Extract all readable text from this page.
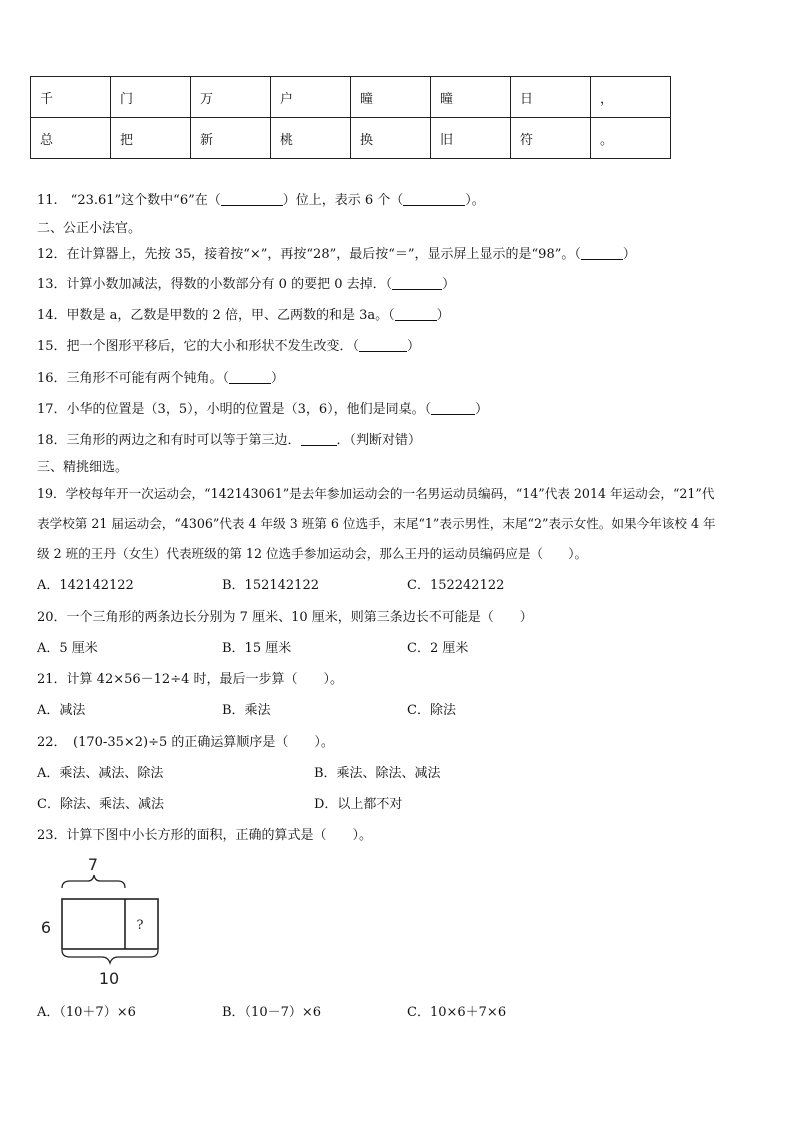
千	门	万	户	曈	曈	日	，
总	把	新	桃	换	旧	符	。
11.　“23.61”这个数中“6”在（	）位上，表示 6 个（	）。
二、公正小法官。
12．在计算器上，先按 35，接着按“×”，再按“28”，最后按“＝”，显示屏上显示的是“98”。（	）
13．计算小数加减法，得数的小数部分有 0 的要把 0 去掉．（	）
14．甲数是 a，乙数是甲数的 2 倍，甲、乙两数的和是 3a。（	）
15．把一个图形平移后，它的大小和形状不发生改变．（	）
16．三角形不可能有两个钝角。（	）
17．小华的位置是（3，5），小明的位置是（3，6），他们是同桌。（	）
18．三角形的两边之和有时可以等于第三边．	．（判断对错）
三、精挑细选。
19．学校每年开一次运动会，“142143061”是去年参加运动会的一名男运动员编码，“14”代表 2014 年运动会，“21”代
表学校第 21 届运动会，“4306”代表 4 年级 3 班第 6 位选手，末尾“1”表示男性，末尾“2”表示女性。如果今年该校 4 年
级 2 班的王丹（女生）代表班级的第 12 位选手参加运动会，那么王丹的运动员编码应是（　　）。
A．142142122	B．152142122	C．152242122
20．一个三角形的两条边长分别为 7 厘米、10 厘米，则第三条边长不可能是（　　）
A．5 厘米	B．15 厘米	C．2 厘米
21．计算 42×56－12÷4 时，最后一步算（　　）。
A．减法	B．乘法	C．除法
22．　(170-35×2)÷5 的正确运算顺序是（　　）。
A．乘法、减法、除法	B．乘法、除法、减法
C．除法、乘法、减法	D．以上都不对
23．计算下图中小长方形的面积，正确的算式是（　　）。
7
?
6
10
A．（10＋7）×6	B．（10－7）×6	C．10×6＋7×6
